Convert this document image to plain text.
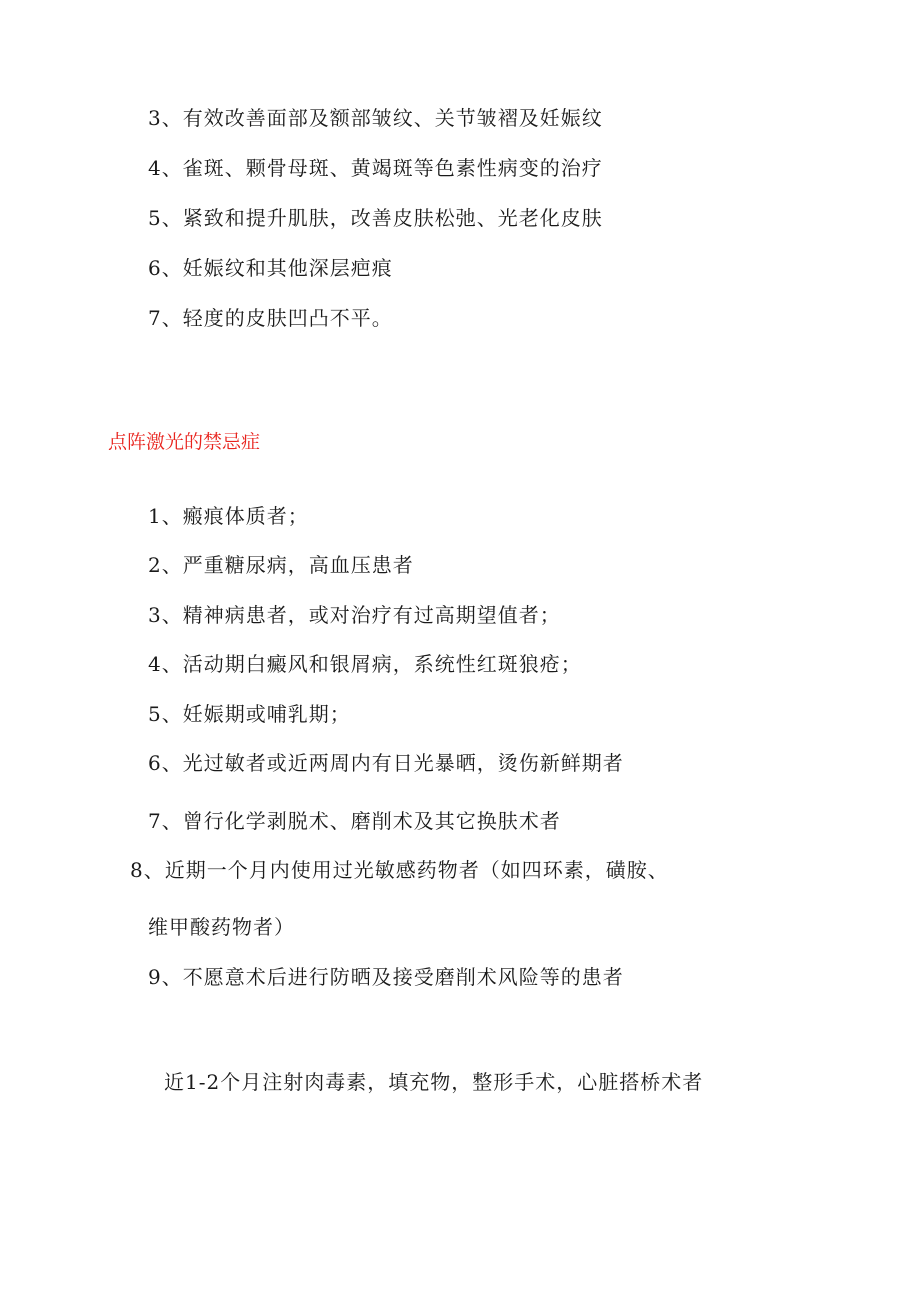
3、有效改善面部及额部皱纹、关节皱褶及妊娠纹
4、雀斑、颗骨母斑、黄竭斑等色素性病变的治疗
5、紧致和提升肌肤，改善皮肤松弛、光老化皮肤
6、妊娠纹和其他深层疤痕
7、轻度的皮肤凹凸不平。
点阵激光的禁忌症
1、瘢痕体质者；
2、严重糖尿病，高血压患者
3、精神病患者，或对治疗有过高期望值者；
4、活动期白癜风和银屑病，系统性红斑狼疮；
5、妊娠期或哺乳期；
6、光过敏者或近两周内有日光暴晒，烫伤新鲜期者
7、曾行化学剥脱术、磨削术及其它换肤术者
8、近期一个月内使用过光敏感药物者（如四环素，磺胺、
维甲酸药物者）
9、不愿意术后进行防晒及接受磨削术风险等的患者
近1-2个月注射肉毒素，填充物，整形手术，心脏搭桥术者
